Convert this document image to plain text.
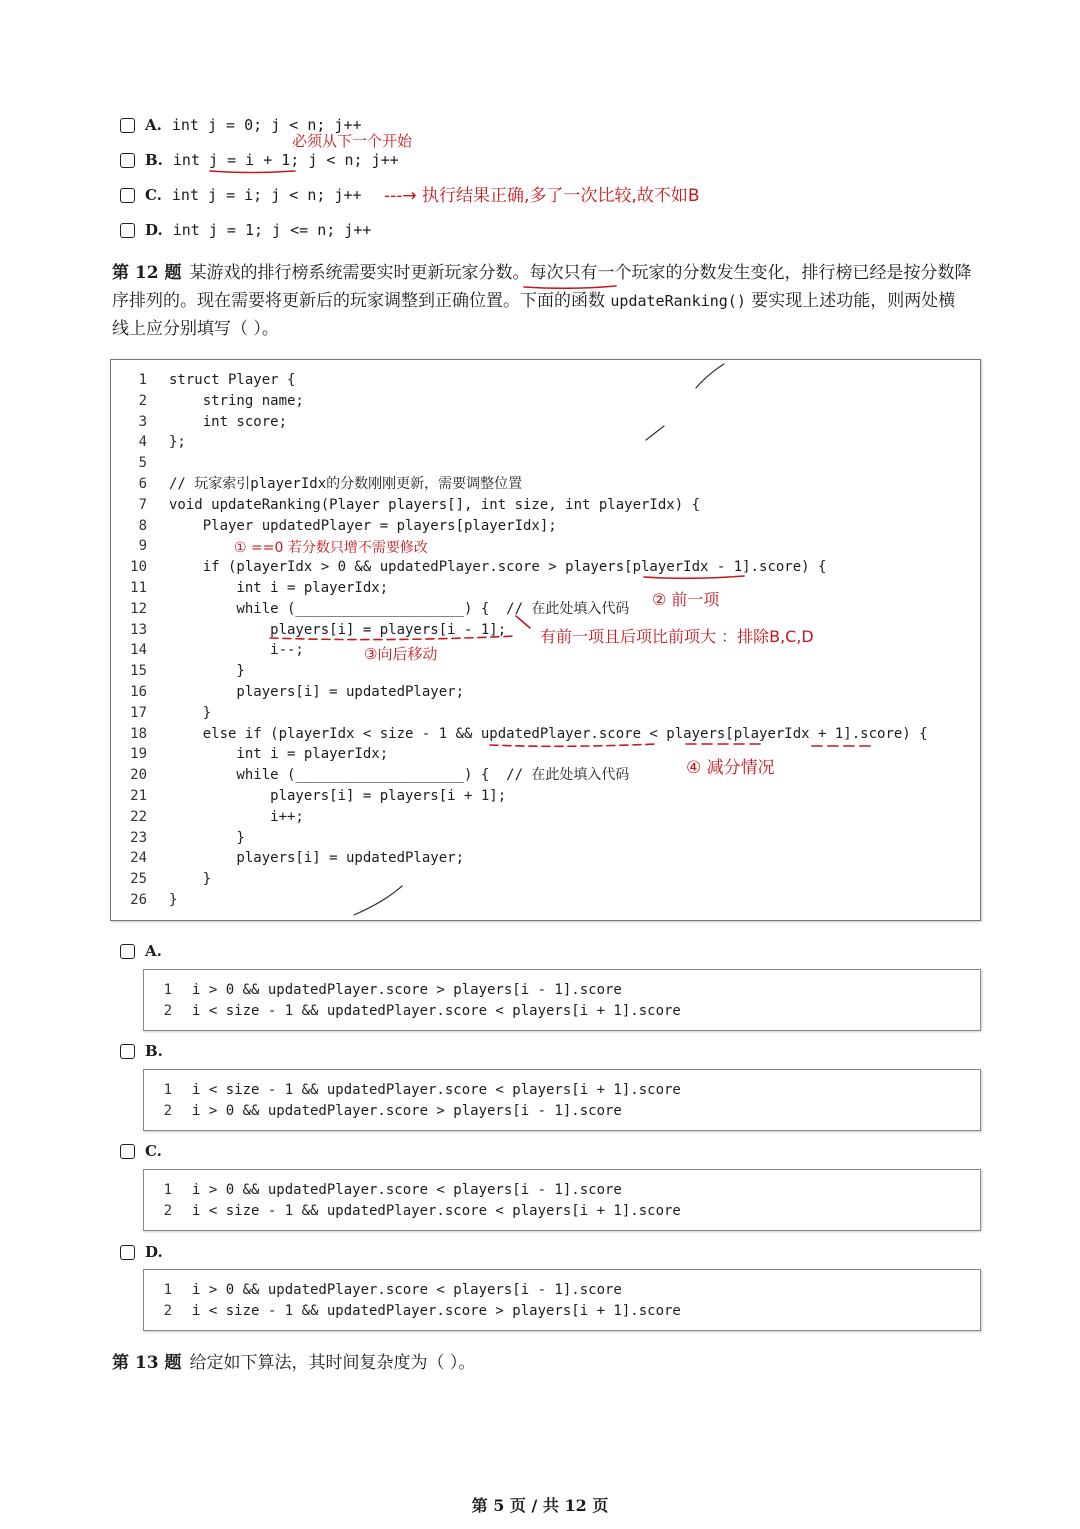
A. int j = 0; j < n; j++
B. int j = i + 1; j < n; j++
C. int j = i; j < n; j++
D. int j = 1; j <= n; j++
必须从下一个开始
---→ 执行结果正确,多了一次比较,故不如B
第 12 题 某游戏的排行榜系统需要实时更新玩家分数。每次只有一个玩家的分数发生变化，排行榜已经是按分数降
序排列的。现在需要将更新后的玩家调整到正确位置。下面的函数 updateRanking() 要实现上述功能，则两处横
线上应分别填写（ ）。
1 struct Player {
2 string name;
3 int score;
4 };
5
6 // 玩家索引playerIdx的分数刚刚更新，需要调整位置
7 void updateRanking(Player players[], int size, int playerIdx) {
8 Player updatedPlayer = players[playerIdx];
9
10 if (playerIdx > 0 && updatedPlayer.score > players[playerIdx - 1].score) {
11 int i = playerIdx;
12 while (____________________) {  // 在此处填入代码
13 players[i] = players[i - 1];
14 i--;
15 }
16 players[i] = updatedPlayer;
17 }
18 else if (playerIdx < size - 1 && updatedPlayer.score < players[playerIdx + 1].score) {
19 int i = playerIdx;
20 while (____________________) {  // 在此处填入代码
21 players[i] = players[i + 1];
22 i++;
23 }
24 players[i] = updatedPlayer;
25 }
26 }
① ==0 若分数只增不需要修改
② 前一项
③向后移动
有前一项且后项比前项大 ：排除B,C,D
④ 减分情况
A.
1 i > 0 && updatedPlayer.score > players[i - 1].score
2 i < size - 1 && updatedPlayer.score < players[i + 1].score
B.
1 i < size - 1 && updatedPlayer.score < players[i + 1].score
2 i > 0 && updatedPlayer.score > players[i - 1].score
C.
1 i > 0 && updatedPlayer.score < players[i - 1].score
2 i < size - 1 && updatedPlayer.score < players[i + 1].score
D.
1 i > 0 && updatedPlayer.score < players[i - 1].score
2 i < size - 1 && updatedPlayer.score > players[i + 1].score
第 13 题 给定如下算法，其时间复杂度为（ ）。
第 5 页 / 共 12 页
